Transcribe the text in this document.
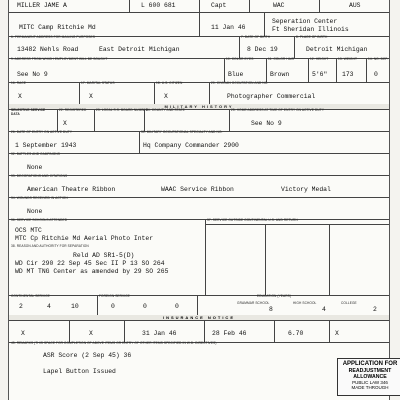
MILLER JAME A	L 600 681	Capt	WAC	AUS
MITC Camp Ritchie Md	11 Jan 46
Seperation Center
Ft Sheridan Illinois
6. PERMANENT ADDRESS FOR MAILING PURPOSES
13482 Nehls Road	East Detroit Michigan
7. DATE OF BIRTH
8 Dec 19
8. PLACE OF BIRTH
Detroit Michigan
9. ADDRESS FROM WHICH EMPLOYMENT WILL BE SOUGHT
See No 9
10. COLOR EYES
Blue
11. COLOR HAIR
Brown
12. HEIGHT
5'6"
13. WEIGHT
173
14. NO. DEP.
0
16. RACE
X
17. MARITAL STATUS
X
18. U.S. CITIZEN
X
20. CIVILIAN OCCUPATION AND NO.
Photographer Commercial
MILITARY HISTORY
SELECTIVE SERVICE DATA
22. REGISTERED
X
23. LOCAL S.S. BOARD NUMBER
24. COUNTY AND STATE	25. HOME ADDRESS AT TIME OF ENTRY ON ACTIVE DUTY
See No 9
26. DATE OF ENTRY ON ACTIVE DUTY
1 September 1943
30. MILITARY OCCUPATIONAL SPECIALTY AND NO.
Hq Company Commander 2900
32. BATTLES AND CAMPAIGNS
None
33. DECORATIONS AND CITATIONS
American Theatre Ribbon	WAAC Service Ribbon	Victory Medal
34. WOUNDS RECEIVED IN ACTION
None
36. SERVICE SCHOOLS ATTENDED
OCS MTC
MTC Cp Ritchie Md Aerial Photo Inter
38. REASON AND AUTHORITY FOR SEPARATION
Reld AD SR1-5(D)
WD Cir 290 22 Sep 45 Sec II P 13 SO 264
WD MT TNG Center as amended by 29 SO 265
37. SERVICE OUTSIDE CONTINENTAL U.S. AND RETURN
CONTINENTAL SERVICE
2	4	10
FOREIGN SERVICE
0	0	0
EDUCATION (YEARS)
GRAMMAR SCHOOL	HIGH SCHOOL	COLLEGE
8	4	2
INSURANCE NOTICE
X	X	31 Jan 46	28 Feb 46	6.70	X
45. REMARKS (THIS SPACE FOR COMPLETION OF ABOVE ITEMS OR ENTRY OF OTHER ITEMS SPECIFIED IN W.D. DIRECTIVES)
ASR Score (2 Sep 45) 36
Lapel Button Issued
APPLICATION FOR
READJUSTMENT ALLOWANCE
PUBLIC LAW 346
MADE THROUGH
